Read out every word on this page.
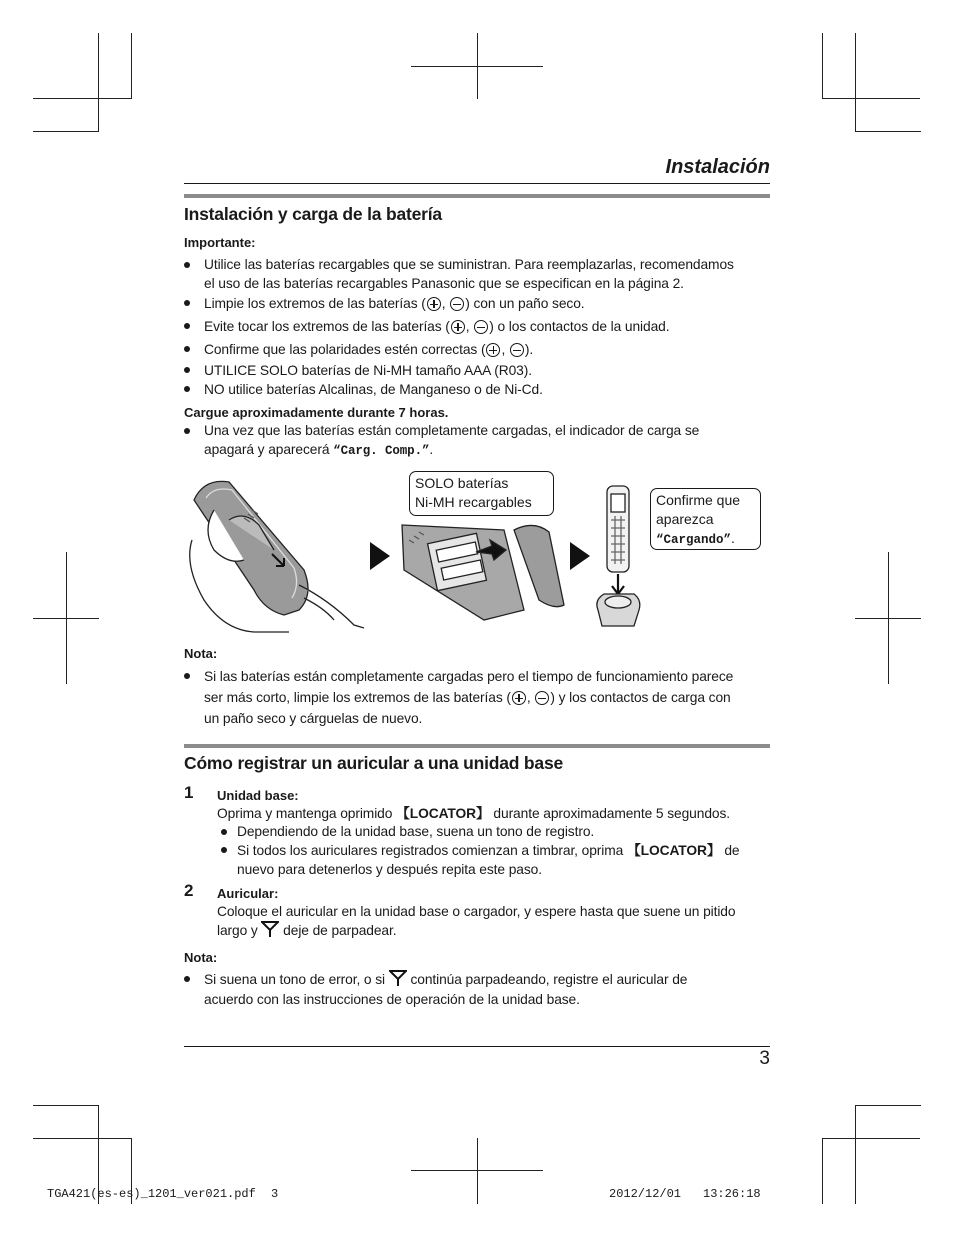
Instalación
Instalación y carga de la batería
Importante:
Utilice las baterías recargables que se suministran. Para reemplazarlas, recomendamos
el uso de las baterías recargables Panasonic que se especifican en la página 2.
Limpie los extremos de las baterías ( , ) con un paño seco.
Evite tocar los extremos de las baterías ( , ) o los contactos de la unidad.
Confirme que las polaridades estén correctas ( , ).
UTILICE SOLO baterías de Ni-MH tamaño AAA (R03).
NO utilice baterías Alcalinas, de Manganeso o de Ni-Cd.
Cargue aproximadamente durante 7 horas.
Una vez que las baterías están completamente cargadas, el indicador de carga se
apagará y aparecerá “Carg. Comp.”.
SOLO baterías
Ni-MH recargables	Confirme que
aparezca
“Cargando”.
Nota:
Si las baterías están completamente cargadas pero el tiempo de funcionamiento parece
ser más corto, limpie los extremos de las baterías ( , ) y los contactos de carga con
un paño seco y cárguelas de nuevo.
Cómo registrar un auricular a una unidad base
1 Unidad base:
Oprima y mantenga oprimido 【LOCATOR】 durante aproximadamente 5 segundos.
Dependiendo de la unidad base, suena un tono de registro.
Si todos los auriculares registrados comienzan a timbrar, oprima 【LOCATOR】 de
nuevo para detenerlos y después repita este paso.
2 Auricular:
Coloque el auricular en la unidad base o cargador, y espere hasta que suene un pitido
largo y  deje de parpadear.
Nota:
Si suena un tono de error, o si  continúa parpadeando, registre el auricular de
acuerdo con las instrucciones de operación de la unidad base.
3
TGA421(es-es)_1201_ver021.pdf 3	2012/12/01 13:26:18
